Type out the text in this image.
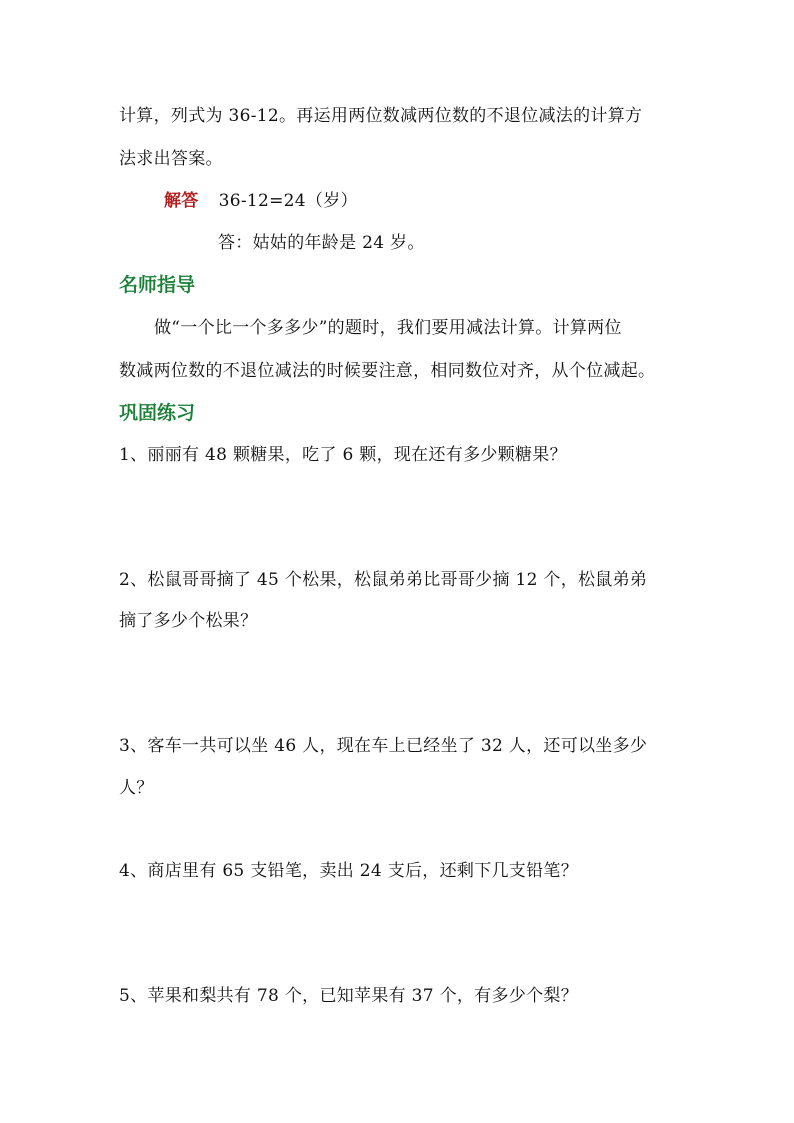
计算，列式为 36-12。再运用两位数减两位数的不退位减法的计算方
法求出答案。
解答 36-12=24（岁）
答：姑姑的年龄是 24 岁。
名师指导
做“一个比一个多多少”的题时，我们要用减法计算。计算两位
数减两位数的不退位减法的时候要注意，相同数位对齐，从个位减起。
巩固练习
1、丽丽有 48 颗糖果，吃了 6 颗，现在还有多少颗糖果？
2、松鼠哥哥摘了 45 个松果，松鼠弟弟比哥哥少摘 12 个，松鼠弟弟
摘了多少个松果？
3、客车一共可以坐 46 人，现在车上已经坐了 32 人，还可以坐多少
人？
4、商店里有 65 支铅笔，卖出 24 支后，还剩下几支铅笔？
5、苹果和梨共有 78 个，已知苹果有 37 个，有多少个梨？
